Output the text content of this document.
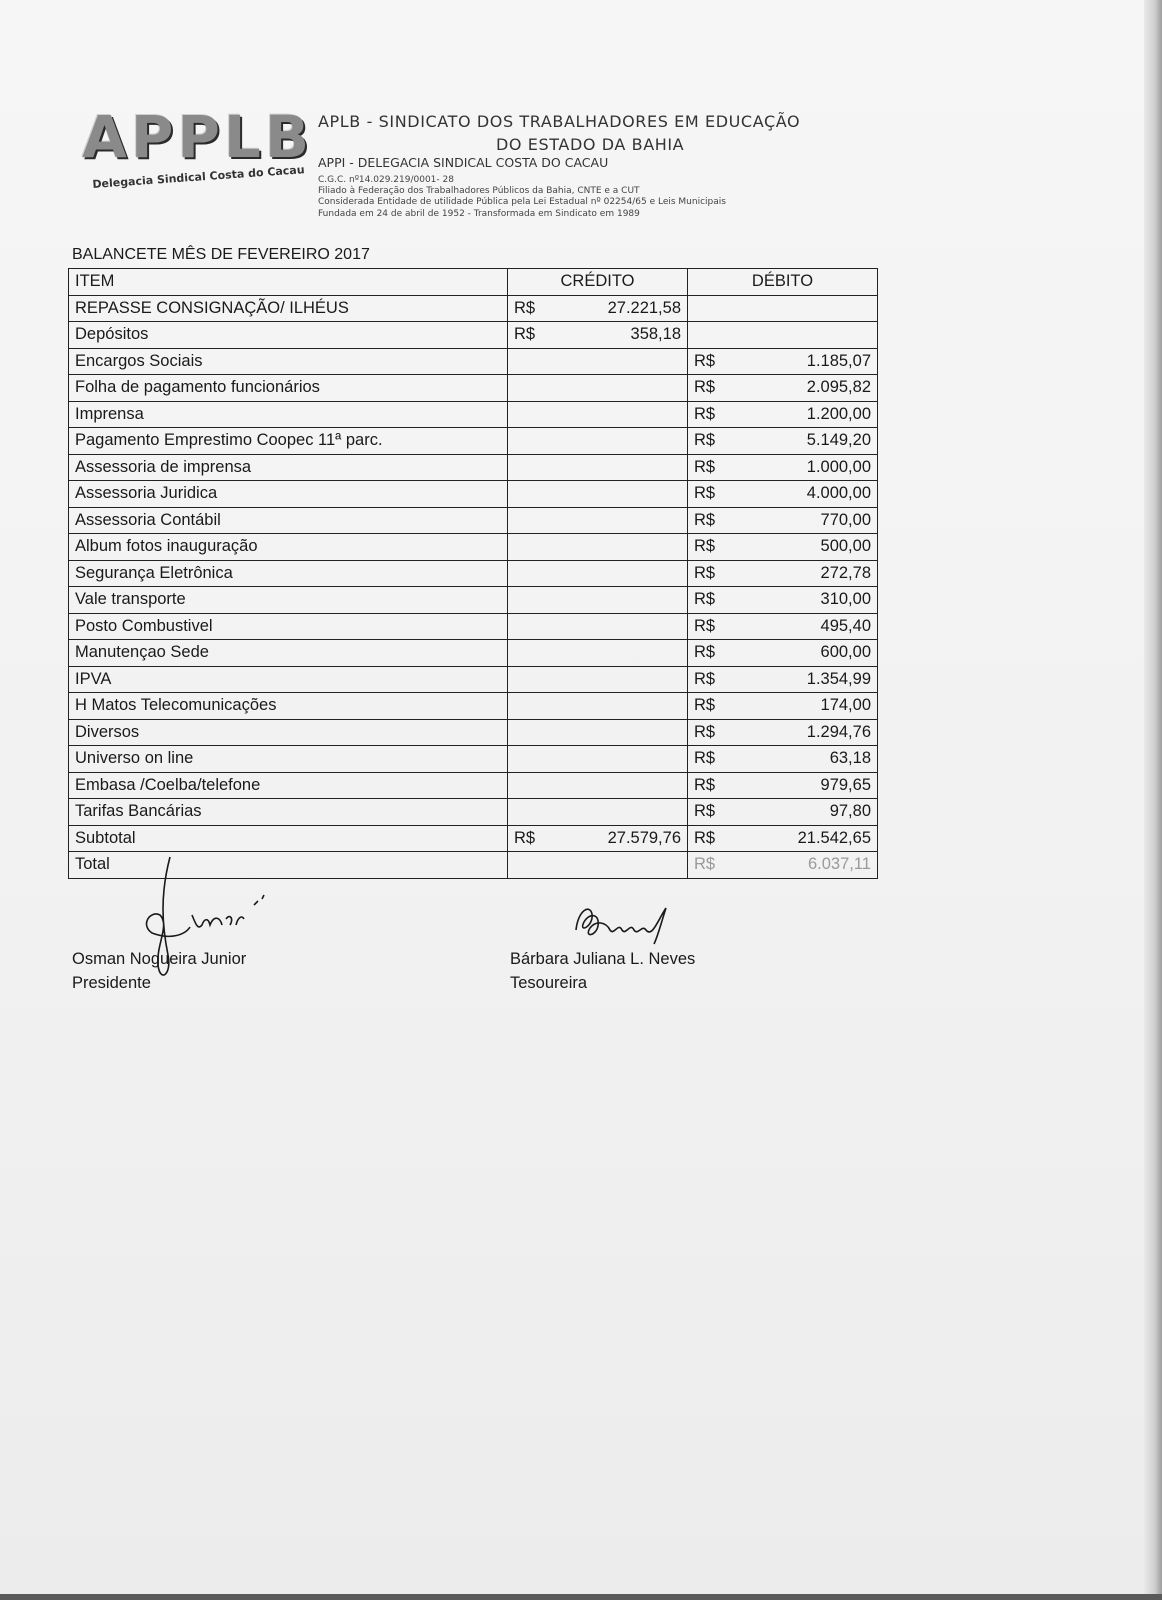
APPLB
Delegacia Sindical Costa do Cacau
APLB - SINDICATO DOS TRABALHADORES EM EDUCAÇÃO
DO ESTADO DA BAHIA
APPI - DELEGACIA SINDICAL COSTA DO CACAU
C.G.C. nº14.029.219/0001- 28
Filiado à Federação dos Trabalhadores Públicos da Bahia, CNTE e a CUT
Considerada Entidade de utilidade Pública pela Lei Estadual nº 02254/65 e Leis Municipais
Fundada em 24 de abril de 1952 - Transformada em Sindicato em 1989
BALANCETE MÊS DE FEVEREIRO 2017
ITEM	CRÉDITO	DÉBITO
REPASSE CONSIGNAÇÃO/ ILHÉUS	R$ 27.221,58	

Depósitos	R$ 358,18	

Encargos Sociais		R$ 1.185,07

Folha de pagamento funcionários		R$ 2.095,82

Imprensa		R$ 1.200,00

Pagamento Emprestimo Coopec 11ª parc.		R$ 5.149,20

Assessoria de imprensa		R$ 1.000,00

Assessoria Juridica		R$ 4.000,00

Assessoria Contábil		R$ 770,00

Album fotos inauguração		R$ 500,00

Segurança Eletrônica		R$ 272,78

Vale transporte		R$ 310,00

Posto Combustivel		R$ 495,40

Manutençao Sede		R$ 600,00

IPVA		R$ 1.354,99

H Matos Telecomunicações		R$ 174,00

Diversos		R$ 1.294,76

Universo on line		R$ 63,18

Embasa /Coelba/telefone		R$ 979,65

Tarifas Bancárias		R$ 97,80

Subtotal	R$ 27.579,76	R$ 21.542,65

Total		R$ 6.037,11
Osman Nogueira Junior
Presidente
Bárbara Juliana L. Neves
Tesoureira
